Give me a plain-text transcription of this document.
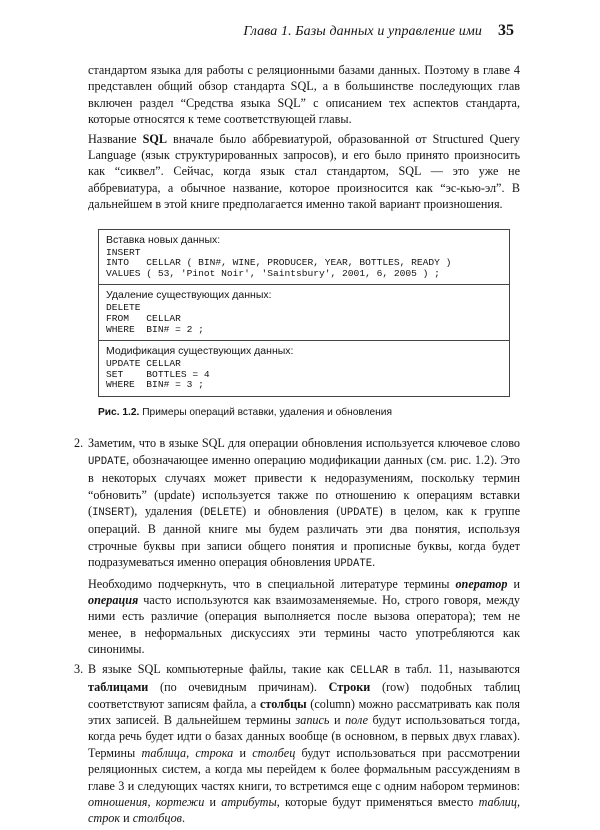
Глава 1. Базы данных и управление ими 35

стандартом языка для работы с реляционными базами данных. Поэтому в главе 4 представлен общий обзор стандарта SQL, а в большинстве последующих глав включен раздел “Средства языка SQL” с описанием тех аспектов стандарта, которые относятся к теме соответствующей главы.

Название SQL вначале было аббревиатурой, образованной от Structured Query Language (язык структурированных запросов), и его было принято произносить как “сиквел”. Сейчас, когда язык стал стандартом, SQL — это уже не аббревиатура, а обычное название, которое произносится как “эс-кью-эл”. В дальнейшем в этой книге предполагается именно такой вариант произношения.

Вставка новых данных:
INSERT
INTO   CELLAR ( BIN#, WINE, PRODUCER, YEAR, BOTTLES, READY )
VALUES ( 53, 'Pinot Noir', 'Saintsbury', 2001, 6, 2005 ) ;
Удаление существующих данных:
DELETE
FROM   CELLAR
WHERE  BIN# = 2 ;
Модификация существующих данных:
UPDATE CELLAR
SET    BOTTLES = 4
WHERE  BIN# = 3 ;
Рис. 1.2. Примеры операций вставки, удаления и обновления
2. Заметим, что в языке SQL для операции обновления используется ключевое слово UPDATE, обозначающее именно операцию модификации данных (см. рис. 1.2). Это в некоторых случаях может привести к недоразумениям, поскольку термин “обновить” (update) используется также по отношению к операциям вставки (INSERT), удаления (DELETE) и обновления (UPDATE) в целом, как к группе операций. В данной книге мы будем различать эти два понятия, используя строчные буквы при записи общего понятия и прописные буквы, когда будет подразумеваться именно операция обновления UPDATE.

Необходимо подчеркнуть, что в специальной литературе термины оператор и операция часто используются как взаимозаменяемые. Но, строго говоря, между ними есть различие (операция выполняется после вызова оператора); тем не менее, в неформальных дискуссиях эти термины часто употребляются как синонимы.

3. В языке SQL компьютерные файлы, такие как CELLAR в табл. 11, называются таблицами (по очевидным причинам). Строки (row) подобных таблиц соответствуют записям файла, а столбцы (column) можно рассматривать как поля этих записей. В дальнейшем термины запись и поле будут использоваться тогда, когда речь будет идти о базах данных вообще (в основном, в первых двух главах). Термины таблица, строка и столбец будут использоваться при рассмотрении реляционных систем, а когда мы перейдем к более формальным рассуждениям в главе 3 и следующих частях книги, то встретимся еще с одним набором терминов: отношения, кортежи и атрибуты, которые будут применяться вместо таблиц, строк и столбцов.
